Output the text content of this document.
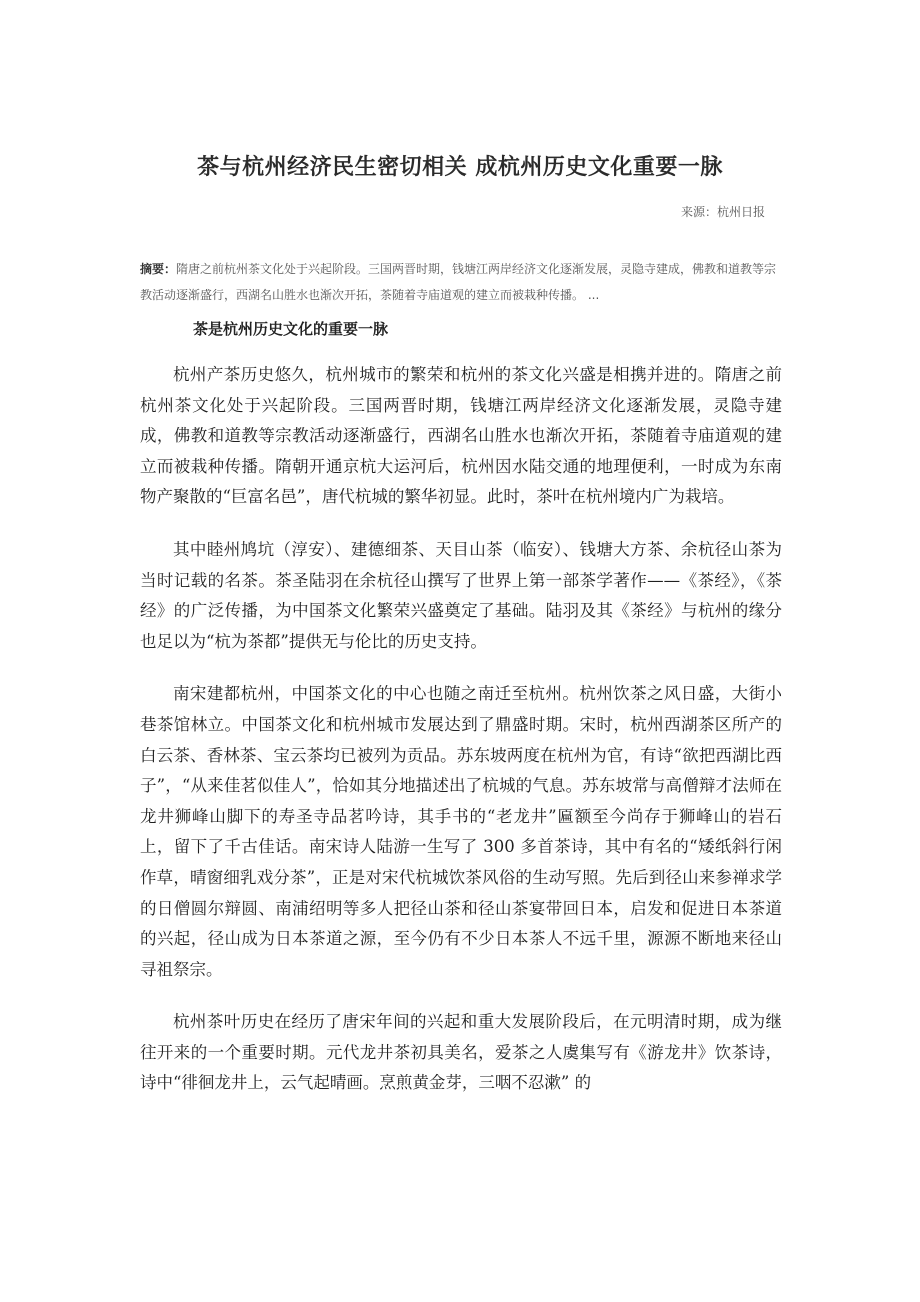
茶与杭州经济民生密切相关 成杭州历史文化重要一脉
来源：杭州日报

摘要：隋唐之前杭州茶文化处于兴起阶段。三国两晋时期，钱塘江两岸经济文化逐渐发展，灵隐寺建成，佛教和道教等宗教活动逐渐盛行，西湖名山胜水也渐次开拓，茶随着寺庙道观的建立而被栽种传播。 ...

茶是杭州历史文化的重要一脉

杭州产茶历史悠久，杭州城市的繁荣和杭州的茶文化兴盛是相携并进的。隋唐之前杭州茶文化处于兴起阶段。三国两晋时期，钱塘江两岸经济文化逐渐发展，灵隐寺建成，佛教和道教等宗教活动逐渐盛行，西湖名山胜水也渐次开拓，茶随着寺庙道观的建立而被栽种传播。隋朝开通京杭大运河后，杭州因水陆交通的地理便利，一时成为东南物产聚散的“巨富名邑”，唐代杭城的繁华初显。此时，茶叶在杭州境内广为栽培。

其中睦州鸠坑（淳安）、建德细茶、天目山茶（临安）、钱塘大方茶、余杭径山茶为当时记载的名茶。茶圣陆羽在余杭径山撰写了世界上第一部茶学著作——《茶经》，《茶经》的广泛传播，为中国茶文化繁荣兴盛奠定了基础。陆羽及其《茶经》与杭州的缘分也足以为“杭为茶都”提供无与伦比的历史支持。

南宋建都杭州，中国茶文化的中心也随之南迁至杭州。杭州饮茶之风日盛，大街小巷茶馆林立。中国茶文化和杭州城市发展达到了鼎盛时期。宋时，杭州西湖茶区所产的白云茶、香林茶、宝云茶均已被列为贡品。苏东坡两度在杭州为官，有诗“欲把西湖比西子”，“从来佳茗似佳人”，恰如其分地描述出了杭城的气息。苏东坡常与高僧辩才法师在龙井狮峰山脚下的寿圣寺品茗吟诗，其手书的“老龙井”匾额至今尚存于狮峰山的岩石上，留下了千古佳话。南宋诗人陆游一生写了 300 多首茶诗，其中有名的“矮纸斜行闲作草，晴窗细乳戏分茶”，正是对宋代杭城饮茶风俗的生动写照。先后到径山来参禅求学的日僧圆尔辩圆、南浦绍明等多人把径山茶和径山茶宴带回日本，启发和促进日本茶道的兴起，径山成为日本茶道之源，至今仍有不少日本茶人不远千里，源源不断地来径山寻祖祭宗。

杭州茶叶历史在经历了唐宋年间的兴起和重大发展阶段后，在元明清时期，成为继往开来的一个重要时期。元代龙井茶初具美名，爱茶之人虞集写有《游龙井》饮茶诗，诗中“徘徊龙井上，云气起晴画。烹煎黄金芽，三咽不忍漱” 的
